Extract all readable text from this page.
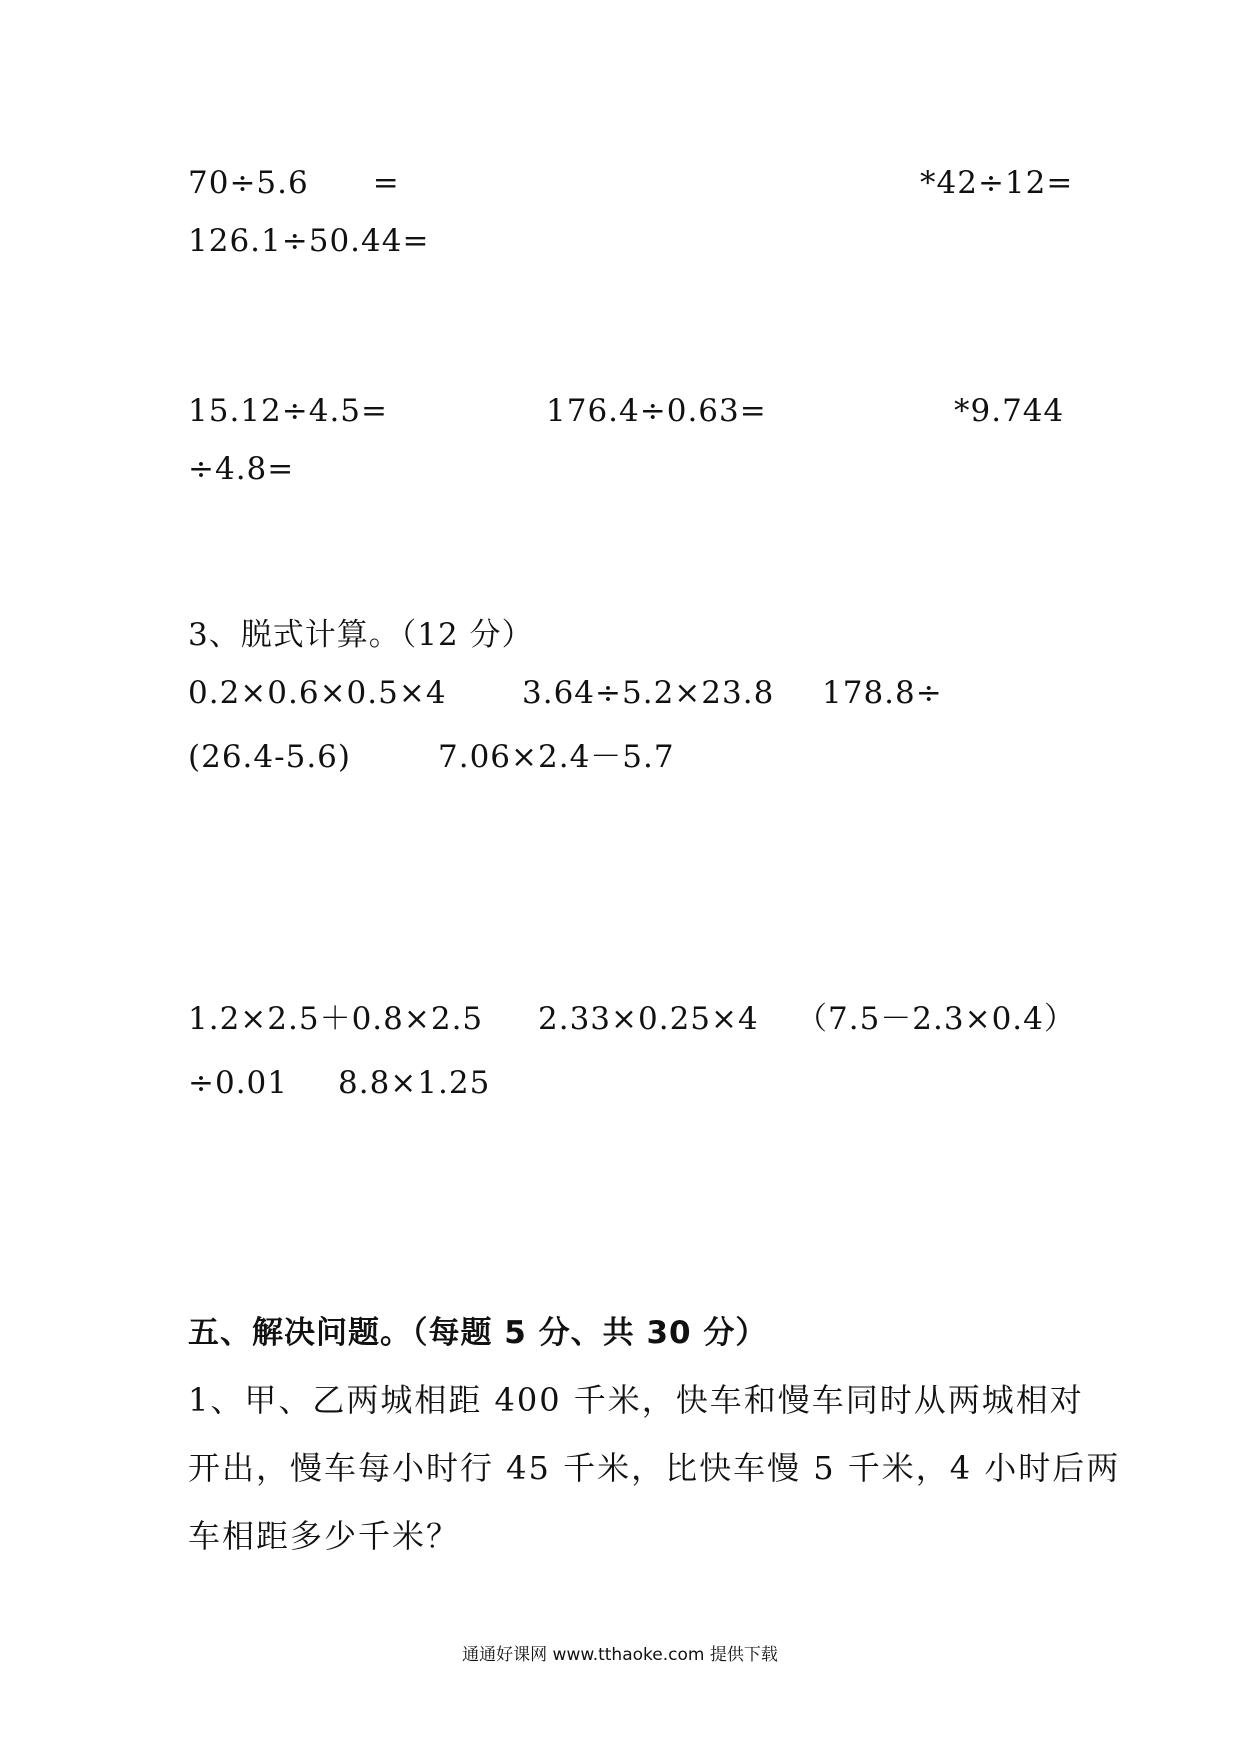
70÷5.6　　=	*42÷12=
126.1÷50.44=
15.12÷4.5=	176.4÷0.63=	*9.744
÷4.8=
3、脱式计算。（12 分）
0.2×0.6×0.5×4 3.64÷5.2×23.8 178.8÷
(26.4-5.6)	7.06×2.4－5.7
1.2×2.5＋0.8×2.5 2.33×0.25×4 （7.5－2.3×0.4）
÷0.01 8.8×1.25
五、解决问题。（每题 5 分、共 30 分）
1、甲、乙两城相距 400 千米，快车和慢车同时从两城相对
开出，慢车每小时行 45 千米，比快车慢 5 千米，4 小时后两
车相距多少千米？
通通好课网 www.tthaoke.com 提供下载
